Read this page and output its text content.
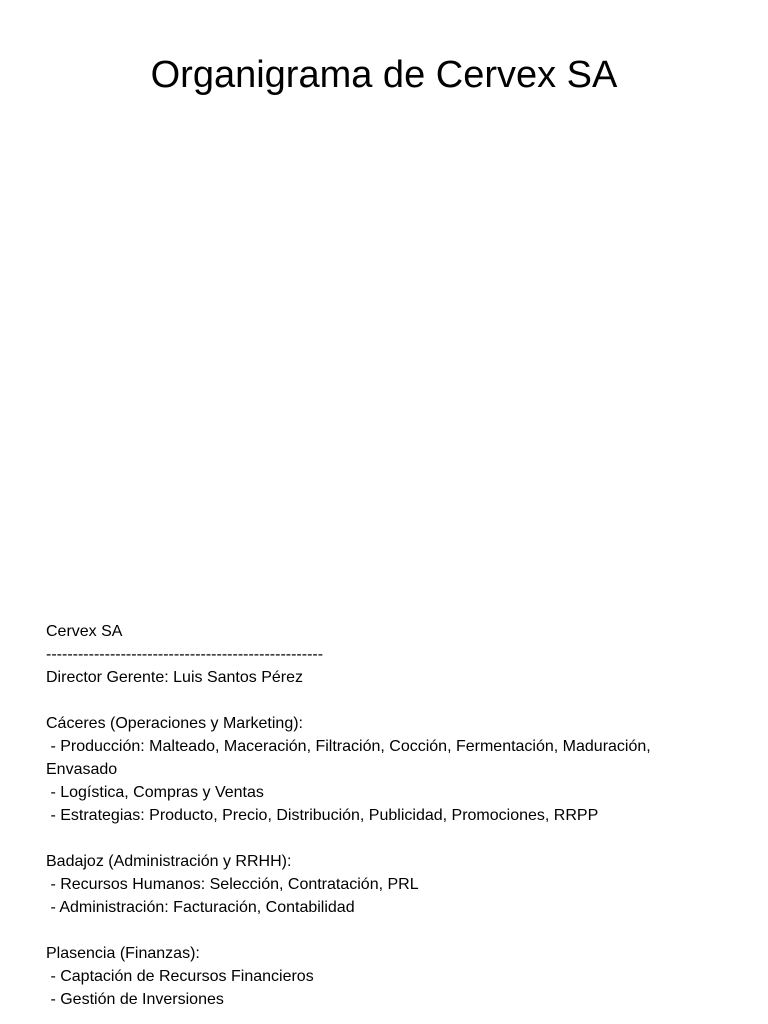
Organigrama de Cervex SA
Cervex SA
----------------------------------------------------
Director Gerente: Luis Santos Pérez
Cáceres (Operaciones y Marketing):
- Producción: Malteado, Maceración, Filtración, Cocción, Fermentación, Maduración, Envasado
- Logística, Compras y Ventas
- Estrategias: Producto, Precio, Distribución, Publicidad, Promociones, RRPP
Badajoz (Administración y RRHH):
- Recursos Humanos: Selección, Contratación, PRL
- Administración: Facturación, Contabilidad
Plasencia (Finanzas):
- Captación de Recursos Financieros
- Gestión de Inversiones
